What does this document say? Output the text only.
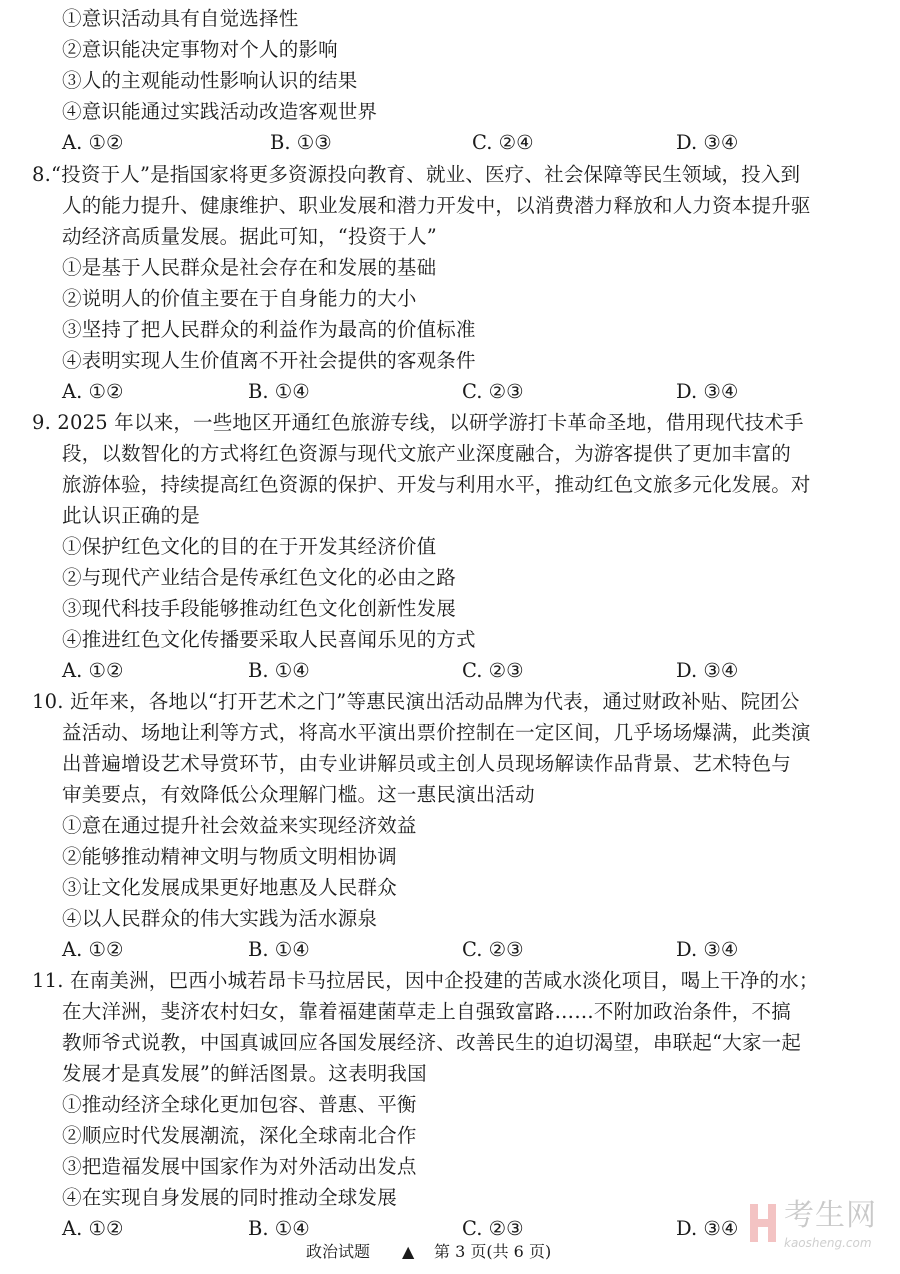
①意识活动具有自觉选择性
②意识能决定事物对个人的影响
③人的主观能动性影响认识的结果
④意识能通过实践活动改造客观世界
A. ①②	B. ①③	C. ②④	D. ③④
8.“投资于人”是指国家将更多资源投向教育、就业、医疗、社会保障等民生领域，投入到
人的能力提升、健康维护、职业发展和潜力开发中，以消费潜力释放和人力资本提升驱
动经济高质量发展。据此可知，“投资于人”
①是基于人民群众是社会存在和发展的基础
②说明人的价值主要在于自身能力的大小
③坚持了把人民群众的利益作为最高的价值标准
④表明实现人生价值离不开社会提供的客观条件
A. ①②	B. ①④	C. ②③	D. ③④
9. 2025 年以来，一些地区开通红色旅游专线，以研学游打卡革命圣地，借用现代技术手
段，以数智化的方式将红色资源与现代文旅产业深度融合，为游客提供了更加丰富的
旅游体验，持续提高红色资源的保护、开发与利用水平，推动红色文旅多元化发展。对
此认识正确的是
①保护红色文化的目的在于开发其经济价值
②与现代产业结合是传承红色文化的必由之路
③现代科技手段能够推动红色文化创新性发展
④推进红色文化传播要采取人民喜闻乐见的方式
A. ①②	B. ①④	C. ②③	D. ③④
10. 近年来，各地以“打开艺术之门”等惠民演出活动品牌为代表，通过财政补贴、院团公
益活动、场地让利等方式，将高水平演出票价控制在一定区间，几乎场场爆满，此类演
出普遍增设艺术导赏环节，由专业讲解员或主创人员现场解读作品背景、艺术特色与
审美要点，有效降低公众理解门槛。这一惠民演出活动
①意在通过提升社会效益来实现经济效益
②能够推动精神文明与物质文明相协调
③让文化发展成果更好地惠及人民群众
④以人民群众的伟大实践为活水源泉
A. ①②	B. ①④	C. ②③	D. ③④
11. 在南美洲，巴西小城若昂卡马拉居民，因中企投建的苦咸水淡化项目，喝上干净的水；
在大洋洲，斐济农村妇女，靠着福建菌草走上自强致富路……不附加政治条件，不搞
教师爷式说教，中国真诚回应各国发展经济、改善民生的迫切渴望，串联起“大家一起
发展才是真发展”的鲜活图景。这表明我国
①推动经济全球化更加包容、普惠、平衡
②顺应时代发展潮流，深化全球南北合作
③把造福发展中国家作为对外活动出发点
④在实现自身发展的同时推动全球发展
A. ①②	B. ①④	C. ②③	D. ③④
政治试题 ▲ 第 3 页(共 6 页)
考生网
kaosheng.com
